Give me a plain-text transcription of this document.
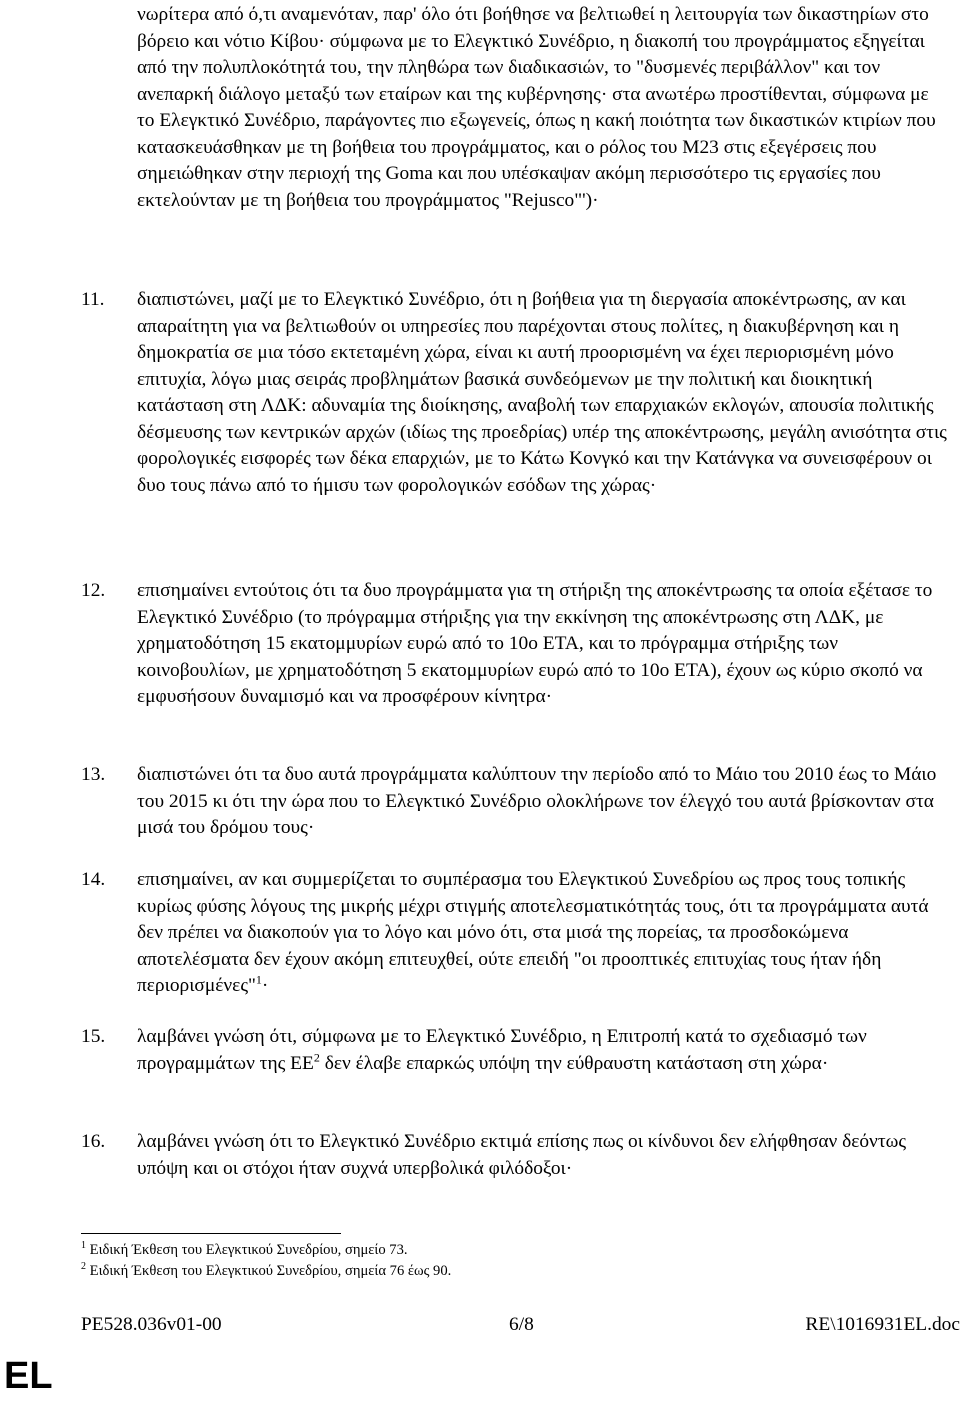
νωρίτερα από ό,τι αναμενόταν, παρ' όλο ότι βοήθησε να βελτιωθεί η λειτουργία των δικαστηρίων στο βόρειο και νότιο Κίβου· σύμφωνα με το Ελεγκτικό Συνέδριο, η διακοπή του προγράμματος εξηγείται από την πολυπλοκότητά του, την πληθώρα των διαδικασιών, το "δυσμενές περιβάλλον" και τον ανεπαρκή διάλογο μεταξύ των εταίρων και της κυβέρνησης· στα ανωτέρω προστίθενται, σύμφωνα με το Ελεγκτικό Συνέδριο, παράγοντες πιο εξωγενείς, όπως η κακή ποιότητα των δικαστικών κτιρίων που κατασκευάσθηκαν με τη βοήθεια του προγράμματος, και ο ρόλος του Μ23 στις εξεγέρσεις που σημειώθηκαν στην περιοχή της Goma και που υπέσκαψαν ακόμη περισσότερο τις εργασίες που εκτελούνταν με τη βοήθεια του προγράμματος "Rejusco"')·
11. διαπιστώνει, μαζί με το Ελεγκτικό Συνέδριο, ότι η βοήθεια για τη διεργασία αποκέντρωσης, αν και απαραίτητη για να βελτιωθούν οι υπηρεσίες που παρέχονται στους πολίτες, η διακυβέρνηση και η δημοκρατία σε μια τόσο εκτεταμένη χώρα, είναι κι αυτή προορισμένη να έχει περιορισμένη μόνο επιτυχία, λόγω μιας σειράς προβλημάτων βασικά συνδεόμενων με την πολιτική και διοικητική κατάσταση στη ΛΔΚ: αδυναμία της διοίκησης, αναβολή των επαρχιακών εκλογών, απουσία πολιτικής δέσμευσης των κεντρικών αρχών (ιδίως της προεδρίας) υπέρ της αποκέντρωσης, μεγάλη ανισότητα στις φορολογικές εισφορές των δέκα επαρχιών, με το Κάτω Κονγκό και την Κατάνγκα να συνεισφέρουν οι δυο τους πάνω από το ήμισυ των φορολογικών εσόδων της χώρας·
12. επισημαίνει εντούτοις ότι τα δυο προγράμματα για τη στήριξη της αποκέντρωσης τα οποία εξέτασε το Ελεγκτικό Συνέδριο (το πρόγραμμα στήριξης για την εκκίνηση της αποκέντρωσης στη ΛΔΚ, με χρηματοδότηση 15 εκατομμυρίων ευρώ από το 10ο ΕΤΑ, και το πρόγραμμα στήριξης των κοινοβουλίων, με χρηματοδότηση 5 εκατομμυρίων ευρώ από το 10ο ΕΤΑ), έχουν ως κύριο σκοπό να εμφυσήσουν δυναμισμό και να προσφέρουν κίνητρα·
13. διαπιστώνει ότι τα δυο αυτά προγράμματα καλύπτουν την περίοδο από το Μάιο του 2010 έως το Μάιο του 2015 κι ότι την ώρα που το Ελεγκτικό Συνέδριο ολοκλήρωνε τον έλεγχό του αυτά βρίσκονταν στα μισά του δρόμου τους·
14. επισημαίνει, αν και συμμερίζεται το συμπέρασμα του Ελεγκτικού Συνεδρίου ως προς τους τοπικής κυρίως φύσης λόγους της μικρής μέχρι στιγμής αποτελεσματικότητάς τους, ότι τα προγράμματα αυτά δεν πρέπει να διακοπούν για το λόγο και μόνο ότι, στα μισά της πορείας, τα προσδοκώμενα αποτελέσματα δεν έχουν ακόμη επιτευχθεί, ούτε επειδή "οι προοπτικές επιτυχίας τους ήταν ήδη περιορισμένες"$^1$·
15. λαμβάνει γνώση ότι, σύμφωνα με το Ελεγκτικό Συνέδριο, η Επιτροπή κατά το σχεδιασμό των προγραμμάτων της $EE^2$ δεν έλαβε επαρκώς υπόψη την εύθραυστη κατάσταση στη χώρα·
16. λαμβάνει γνώση ότι το Ελεγκτικό Συνέδριο εκτιμά επίσης πως οι κίνδυνοι δεν ελήφθησαν δεόντως υπόψη και οι στόχοι ήταν συχνά υπερβολικά φιλόδοξοι·
$^1$ Ειδική Έκθεση του Ελεγκτικού Συνεδρίου, σημείο 73.
$^2$ Ειδική Έκθεση του Ελεγκτικού Συνεδρίου, σημεία 76 έως 90.
PE528.036v01-00	6/8	RE\1016931EL.doc
EL
